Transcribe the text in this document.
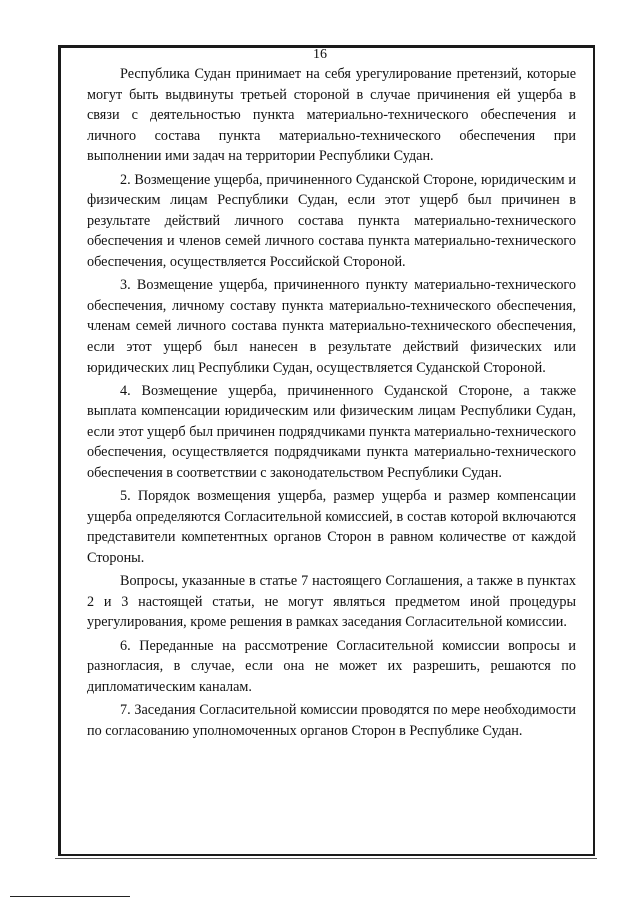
16

Республика Судан принимает на себя урегулирование претензий, которые могут быть выдвинуты третьей стороной в случае причинения ей ущерба в связи с деятельностью пункта материально-технического обеспечения и личного состава пункта материально-технического обеспечения при выполнении ими задач на территории Республики Судан.

2. Возмещение ущерба, причиненного Суданской Стороне, юридическим и физическим лицам Республики Судан, если этот ущерб был причинен в результате действий личного состава пункта материально-технического обеспечения и членов семей личного состава пункта материально-технического обеспечения, осуществляется Российской Стороной.

3. Возмещение ущерба, причиненного пункту материально-технического обеспечения, личному составу пункта материально-технического обеспечения, членам семей личного состава пункта материально-технического обеспечения, если этот ущерб был нанесен в результате действий физических или юридических лиц Республики Судан, осуществляется Суданской Стороной.

4. Возмещение ущерба, причиненного Суданской Стороне, а также выплата компенсации юридическим или физическим лицам Республики Судан, если этот ущерб был причинен подрядчиками пункта материально-технического обеспечения, осуществляется подрядчиками пункта материально-технического обеспечения в соответствии с законодательством Республики Судан.

5. Порядок возмещения ущерба, размер ущерба и размер компенсации ущерба определяются Согласительной комиссией, в состав которой включаются представители компетентных органов Сторон в равном количестве от каждой Стороны.

Вопросы, указанные в статье 7 настоящего Соглашения, а также в пунктах 2 и 3 настоящей статьи, не могут являться предметом иной процедуры урегулирования, кроме решения в рамках заседания Согласительной комиссии.

6. Переданные на рассмотрение Согласительной комиссии вопросы и разногласия, в случае, если она не может их разрешить, решаются по дипломатическим каналам.

7. Заседания Согласительной комиссии проводятся по мере необходимости по согласованию уполномоченных органов Сторон в Республике Судан.
